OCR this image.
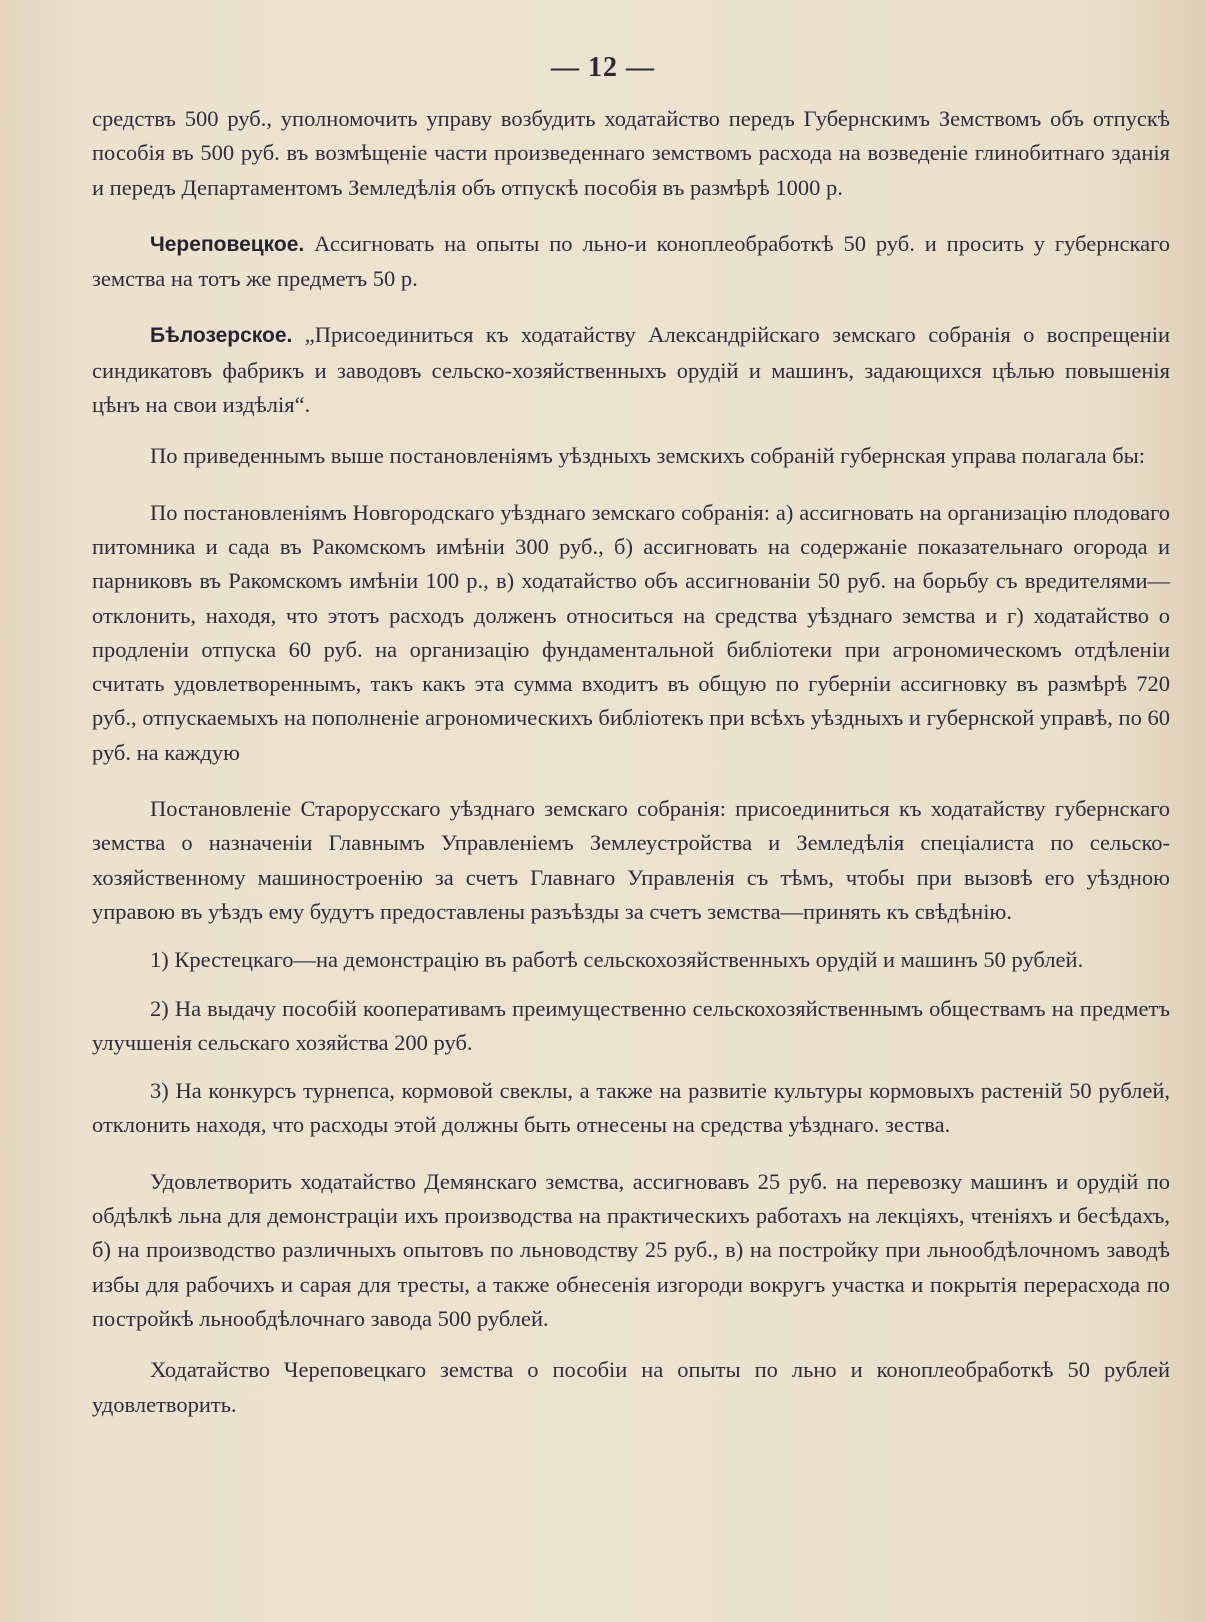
— 12 —

средствъ 500 руб., уполномочить управу возбудить ходатайство передъ Губернскимъ Земствомъ объ отпускѣ пособія въ 500 руб. въ возмѣщеніе части произведеннаго земствомъ расхода на возведеніе глинобитнаго зданія и передъ Департаментомъ Земледѣлія объ отпускѣ пособія въ размѣрѣ 1000 р.

Череповецкое. Ассигновать на опыты по льно-и коноплеобработкѣ 50 руб. и просить у губернскаго земства на тотъ же предметъ 50 р.

Бѣлозерское. „Присоединиться къ ходатайству Александрійскаго земскаго собранія о воспрещеніи синдикатовъ фабрикъ и заводовъ сельско-хозяйственныхъ орудій и машинъ, задающихся цѣлью повышенія цѣнъ на свои издѣлія“.

По приведеннымъ выше постановленіямъ уѣздныхъ земскихъ собраній губернская управа полагала бы:

По постановленіямъ Новгородскаго уѣзднаго земскаго собранія: а) ассигновать на организацію плодоваго питомника и сада въ Ракомскомъ имѣніи 300 руб., б) ассигновать на содержаніе показательнаго огорода и парниковъ въ Ракомскомъ имѣніи 100 р., в) ходатайство объ ассигнованіи 50 руб. на борьбу съ вредителями—отклонить, находя, что этотъ расходъ долженъ относиться на средства уѣзднаго земства и г) ходатайство о продленіи отпуска 60 руб. на организацію фундаментальной библіотеки при агрономическомъ отдѣленіи считать удовлетвореннымъ, такъ какъ эта сумма входитъ въ общую по губерніи ассигновку въ размѣрѣ 720 руб., отпускаемыхъ на пополненіе агрономическихъ библіотекъ при всѣхъ уѣздныхъ и губернской управѣ, по 60 руб. на каждую

Постановленіе Старорусскаго уѣзднаго земскаго собранія: присоединиться къ ходатайству губернскаго земства о назначеніи Главнымъ Управленіемъ Землеустройства и Земледѣлія спеціалиста по сельско-хозяйственному машиностроенію за счетъ Главнаго Управленія съ тѣмъ, чтобы при вызовѣ его уѣздною управою въ уѣздъ ему будутъ предоставлены разъѣзды за счетъ земства—принять къ свѣдѣнію.

1) Крестецкаго—на демонстрацію въ работѣ сельскохозяйственныхъ орудій и машинъ 50 рублей.

2) На выдачу пособій кооперативамъ преимущественно сельскохозяйственнымъ обществамъ на предметъ улучшенія сельскаго хозяйства 200 руб.

3) На конкурсъ турнепса, кормовой свеклы, а также на развитіе культуры кормовыхъ растеній 50 рублей, отклонить находя, что расходы этой должны быть отнесены на средства уѣзднаго. зества.

Удовлетворить ходатайство Демянскаго земства, ассигновавъ 25 руб. на перевозку машинъ и орудій по обдѣлкѣ льна для демонстраціи ихъ производства на практическихъ работахъ на лекціяхъ, чтеніяхъ и бесѣдахъ, б) на производство различныхъ опытовъ по льноводству 25 руб., в) на постройку при льнообдѣлочномъ заводѣ избы для рабочихъ и сарая для тресты, а также обнесенія изгороди вокругъ участка и покрытія перерасхода по постройкѣ льнообдѣлочнаго завода 500 рублей.

Ходатайство Череповецкаго земства о пособіи на опыты по льно и коноплеобработкѣ 50 рублей удовлетворить.
